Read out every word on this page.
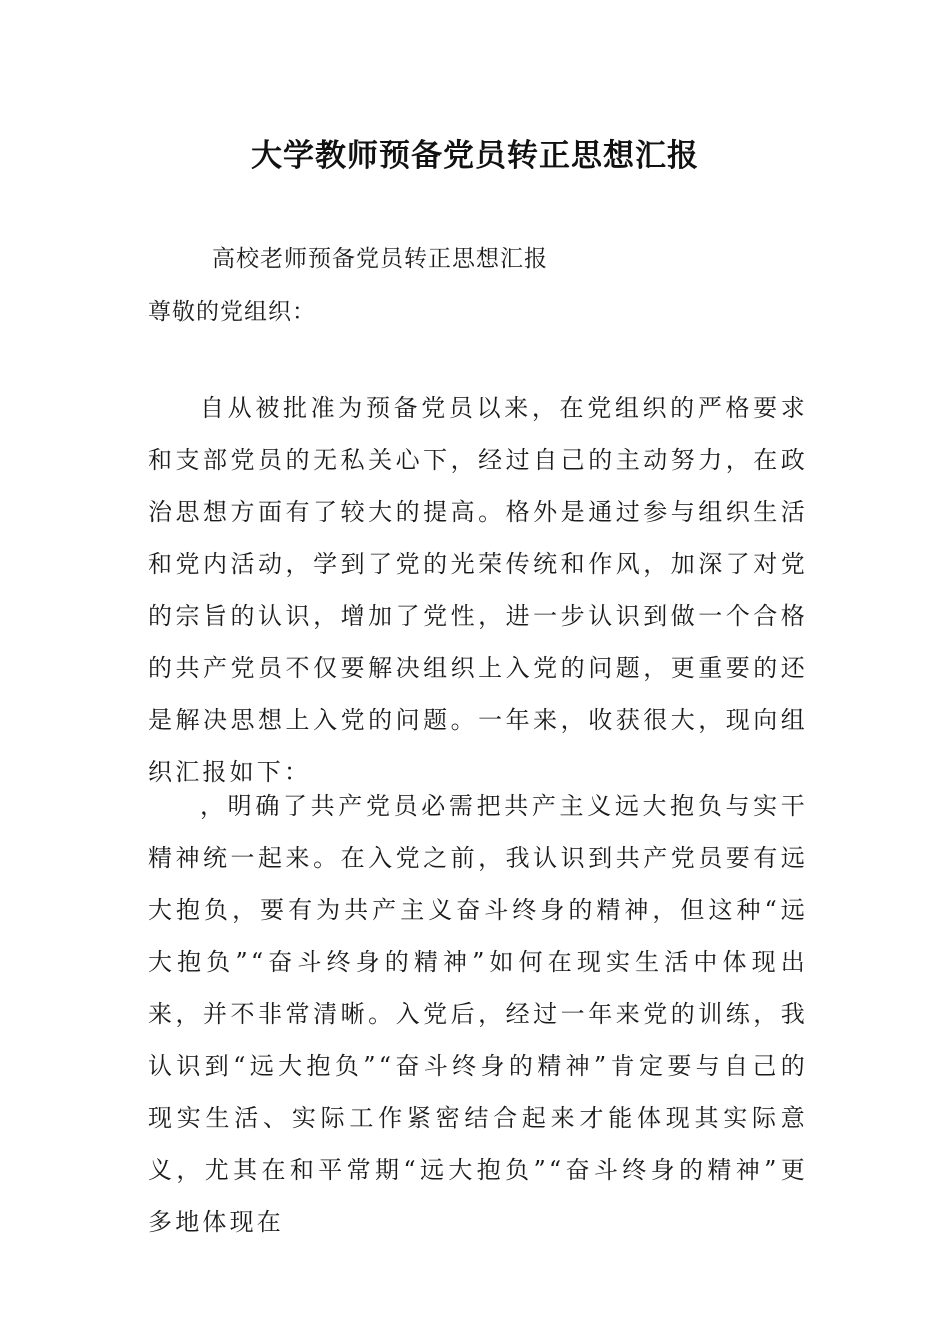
大学教师预备党员转正思想汇报

高校老师预备党员转正思想汇报

尊敬的党组织：

自从被批准为预备党员以来，在党组织的严格要求和支部党员的无私关心下，经过自己的主动努力，在政治思想方面有了较大的提高。格外是通过参与组织生活和党内活动，学到了党的光荣传统和作风，加深了对党的宗旨的认识，增加了党性，进一步认识到做一个合格的共产党员不仅要解决组织上入党的问题，更重要的还是解决思想上入党的问题。一年来，收获很大，现向组织汇报如下：

，明确了共产党员必需把共产主义远大抱负与实干精神统一起来。在入党之前，我认识到共产党员要有远大抱负，要有为共产主义奋斗终身的精神，但这种“远大抱负”“奋斗终身的精神”如何在现实生活中体现出来，并不非常清晰。入党后，经过一年来党的训练，我认识到“远大抱负”“奋斗终身的精神”肯定要与自己的现实生活、实际工作紧密结合起来才能体现其实际意义，尤其在和平常期“远大抱负”“奋斗终身的精神”更多地体现在
